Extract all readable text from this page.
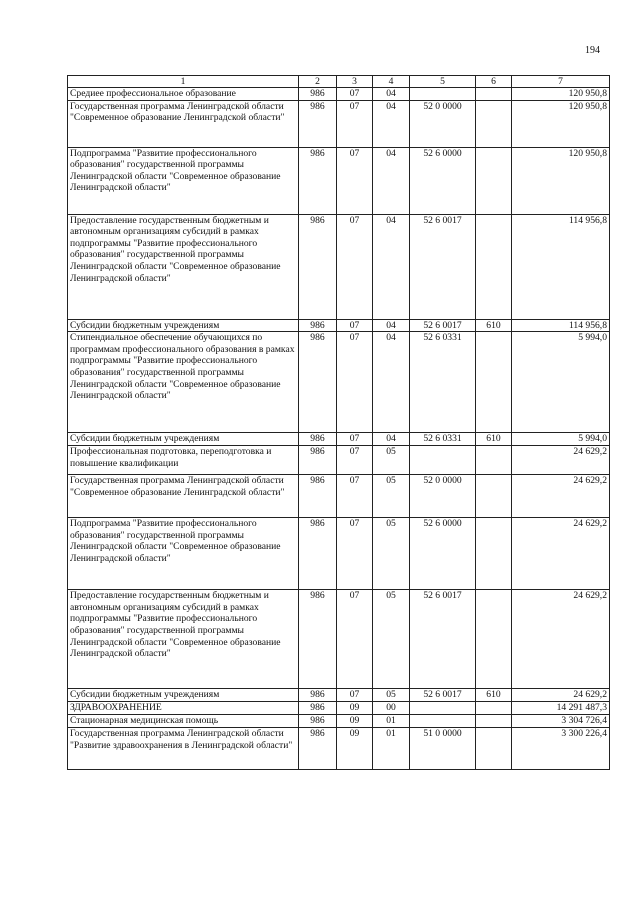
194
1	2	3	4	5	6	7
Средиее профессиональное образование	986	07	04			120 950,8
Государственная программа Ленинградской области "Современное образование Ленинградской области"	986	07	04	52 0 0000		120 950,8
Подпрограмма "Развитие профессионального образования" государственной программы Ленинградской области "Современное образование Ленинградской области"	986	07	04	52 6 0000		120 950,8
Предоставление государственным бюджетным и автономным организациям субсидий в рамках подпрограммы "Развитие профессионального образования" государственной программы Ленинградской области "Современное образование Ленинградской области"	986	07	04	52 6 0017		114 956,8
Субсидии бюджетным учреждениям	986	07	04	52 6 0017	610	114 956,8
Стипендиальное обеспечение обучающихся по программам профессионального образования в рамках подпрограммы "Развитие профессионального образования" государственной программы Ленинградской области "Современное образование Ленинградской области"	986	07	04	52 6 0331		5 994,0
Субсидии бюджетным учреждениям	986	07	04	52 6 0331	610	5 994,0
Профессиональная подготовка, переподготовка и повышение квалификации	986	07	05			24 629,2
Государственная программа Ленинградской области "Современное образование Ленинградской области"	986	07	05	52 0 0000		24 629,2
Подпрограмма "Развитие профессионального образования" государственной программы Ленинградской области "Современное образование Ленинградской области"	986	07	05	52 6 0000		24 629,2
Предоставление государственным бюджетным и автономным организациям субсидий в рамках подпрограммы "Развитие профессионального образования" государственной программы Ленинградской области "Современное образование Ленинградской области"	986	07	05	52 6 0017		24 629,2
Субсидии бюджетным учреждениям	986	07	05	52 6 0017	610	24 629,2
ЗДРАВООХРАНЕНИЕ	986	09	00			14 291 487,3
Стационарная медицинская помощь	986	09	01			3 304 726,4
Государственная программа Ленинградской области "Развитие здравоохранения в Ленинградской области"	986	09	01	51 0 0000		3 300 226,4
